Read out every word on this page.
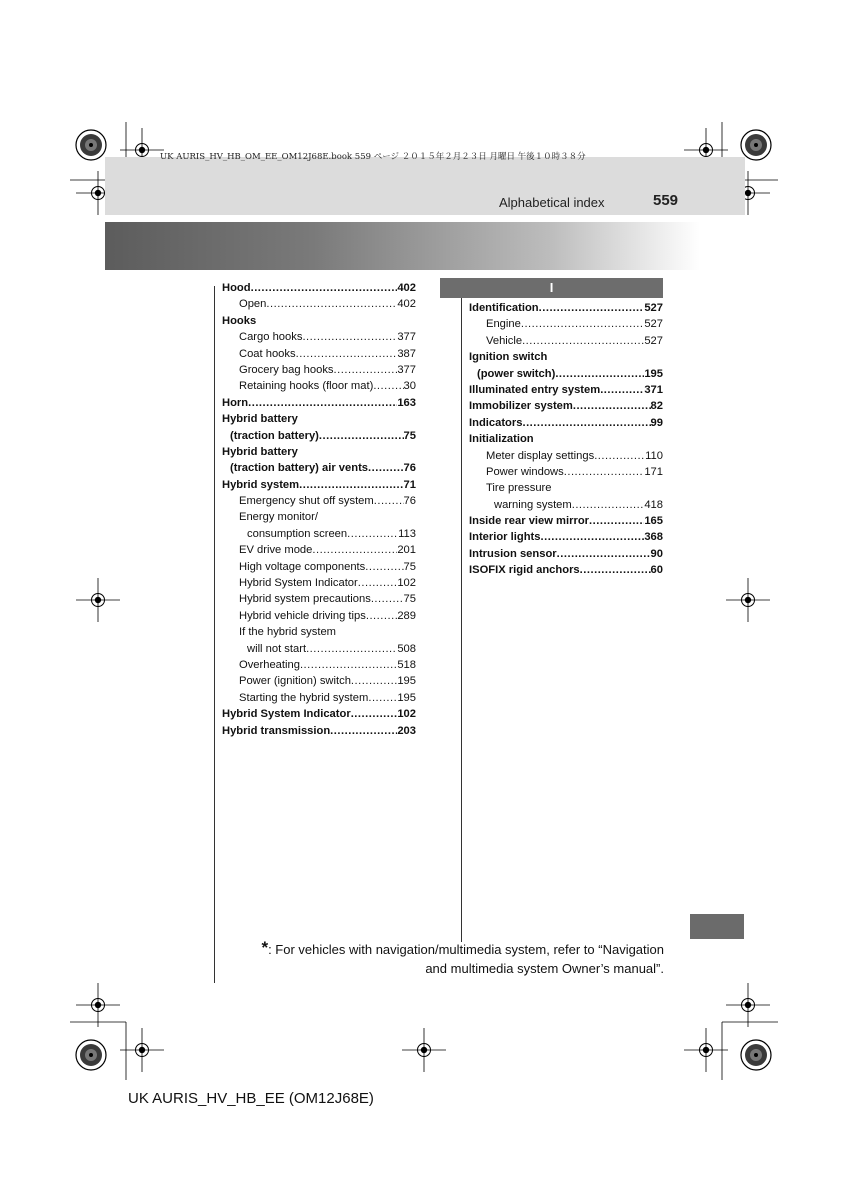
UK AURIS_HV_HB_OM_EE_OM12J68E.book 559 ページ ２０１５年２月２３日 月曜日 午後１０時３８分
Alphabetical index	559
Hood .....	402
Open .....	402
Hooks
Cargo hooks .....	377
Coat hooks .....	387
Grocery bag hooks .....	377
Retaining hooks (floor mat) .....	30
Horn .....	163
Hybrid battery
(traction battery) .....	75
Hybrid battery
(traction battery) air vents .....	76
Hybrid system .....	71
Emergency shut off system .....	76
Energy monitor/
consumption screen .....	113
EV drive mode .....	201
High voltage components .....	75
Hybrid System Indicator .....	102
Hybrid system precautions .....	75
Hybrid vehicle driving tips .....	289
If the hybrid system
will not start .....	508
Overheating .....	518
Power (ignition) switch .....	195
Starting the hybrid system .....	195
Hybrid System Indicator .....	102
Hybrid transmission .....	203
I
Identification .....	527
Engine .....	527
Vehicle .....	527
Ignition switch
(power switch) .....	195
Illuminated entry system .....	371
Immobilizer system .....	82
Indicators .....	99
Initialization
Meter display settings .....	110
Power windows .....	171
Tire pressure
warning system .....	418
Inside rear view mirror .....	165
Interior lights .....	368
Intrusion sensor .....	90
ISOFIX rigid anchors .....	60
*: For vehicles with navigation/multimedia system, refer to “Navigation
and multimedia system Owner’s manual”.
UK AURIS_HV_HB_EE (OM12J68E)
